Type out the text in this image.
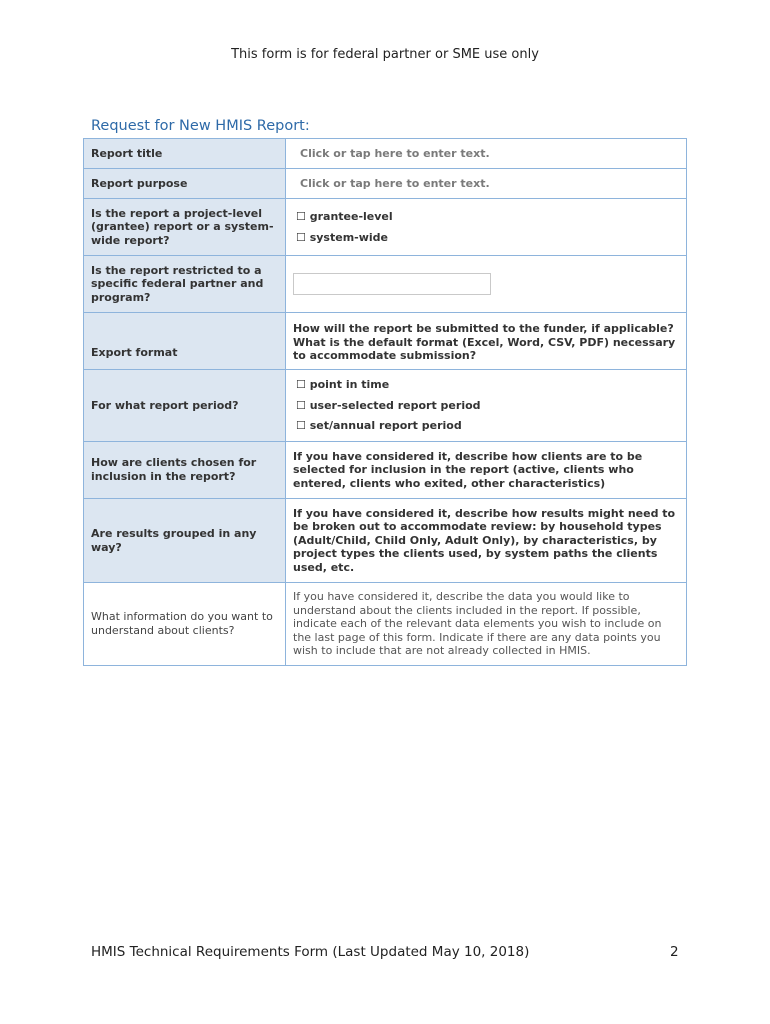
This form is for federal partner or SME use only
Request for New HMIS Report:
Report title	Click or tap here to enter text.
Report purpose	Click or tap here to enter text.
Is the report a project-level (grantee) report or a system-wide report?	☐ grantee-level
☐ system-wide

Is the report restricted to a specific federal partner and program?	

Export format	How will the report be submitted to the funder, if applicable? What is the default format (Excel, Word, CSV, PDF) necessary to accommodate submission?
For what report period?	☐ point in time
☐ user-selected report period
☐ set/annual report period

How are clients chosen for inclusion in the report?	If you have considered it, describe how clients are to be selected for inclusion in the report (active, clients who entered, clients who exited, other characteristics)
Are results grouped in any way?	If you have considered it, describe how results might need to be broken out to accommodate review: by household types (Adult/Child, Child Only, Adult Only), by characteristics, by project types the clients used, by system paths the clients used, etc.
What information do you want to understand about clients?	If you have considered it, describe the data you would like to understand about the clients included in the report. If possible, indicate each of the relevant data elements you wish to include on the last page of this form. Indicate if there are any data points you wish to include that are not already collected in HMIS.
HMIS Technical Requirements Form (Last Updated May 10, 2018)	2
